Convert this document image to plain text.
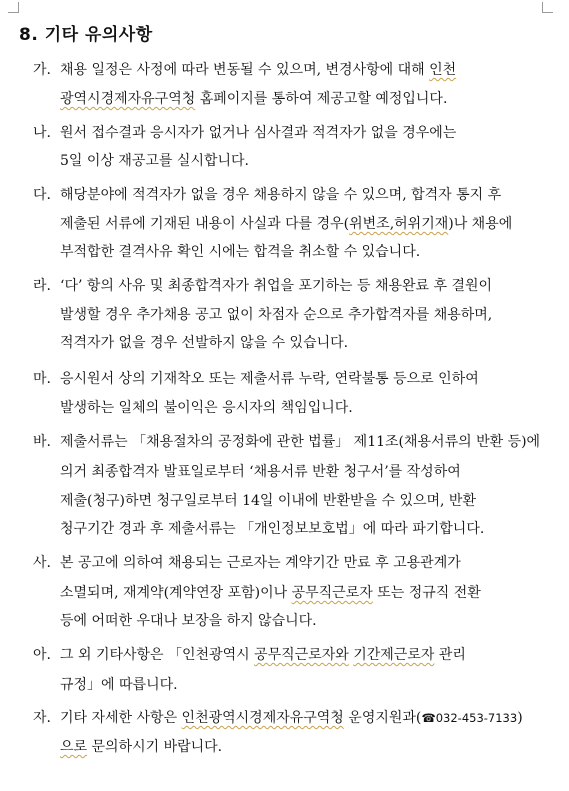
8. 기타 유의사항
가. 채용 일정은 사정에 따라 변동될 수 있으며, 변경사항에 대해 인천
광역시경제자유구역청 홈페이지를 통하여 제공고할 예정입니다.
나. 원서 접수결과 응시자가 없거나 심사결과 적격자가 없을 경우에는
5일 이상 재공고를 실시합니다.
다. 해당분야에 적격자가 없을 경우 채용하지 않을 수 있으며, 합격자 통지 후
제출된 서류에 기재된 내용이 사실과 다를 경우(위변조,허위기재)나 채용에
부적합한 결격사유 확인 시에는 합격을 취소할 수 있습니다.
라. ‘다’ 항의 사유 및 최종합격자가 취업을 포기하는 등 채용완료 후 결원이
발생할 경우 추가채용 공고 없이 차점자 순으로 추가합격자를 채용하며,
적격자가 없을 경우 선발하지 않을 수 있습니다.
마. 응시원서 상의 기재착오 또는 제출서류 누락, 연락불통 등으로 인하여
발생하는 일체의 불이익은 응시자의 책임입니다.
바. 제출서류는 「채용절차의 공정화에 관한 법률」 제11조(채용서류의 반환 등)에
의거 최종합격자 발표일로부터 ‘채용서류 반환 청구서’를 작성하여
제출(청구)하면 청구일로부터 14일 이내에 반환받을 수 있으며, 반환
청구기간 경과 후 제출서류는 「개인정보보호법」에 따라 파기합니다.
사. 본 공고에 의하여 채용되는 근로자는 계약기간 만료 후 고용관계가
소멸되며, 재계약(계약연장 포함)이나 공무직근로자 또는 정규직 전환
등에 어떠한 우대나 보장을 하지 않습니다.
아. 그 외 기타사항은 「인천광역시 공무직근로자와 기간제근로자 관리
규정」에 따릅니다.
자. 기타 자세한 사항은 인천광역시경제자유구역청 운영지원과(☎032-453-7133)
으로 문의하시기 바랍니다.
